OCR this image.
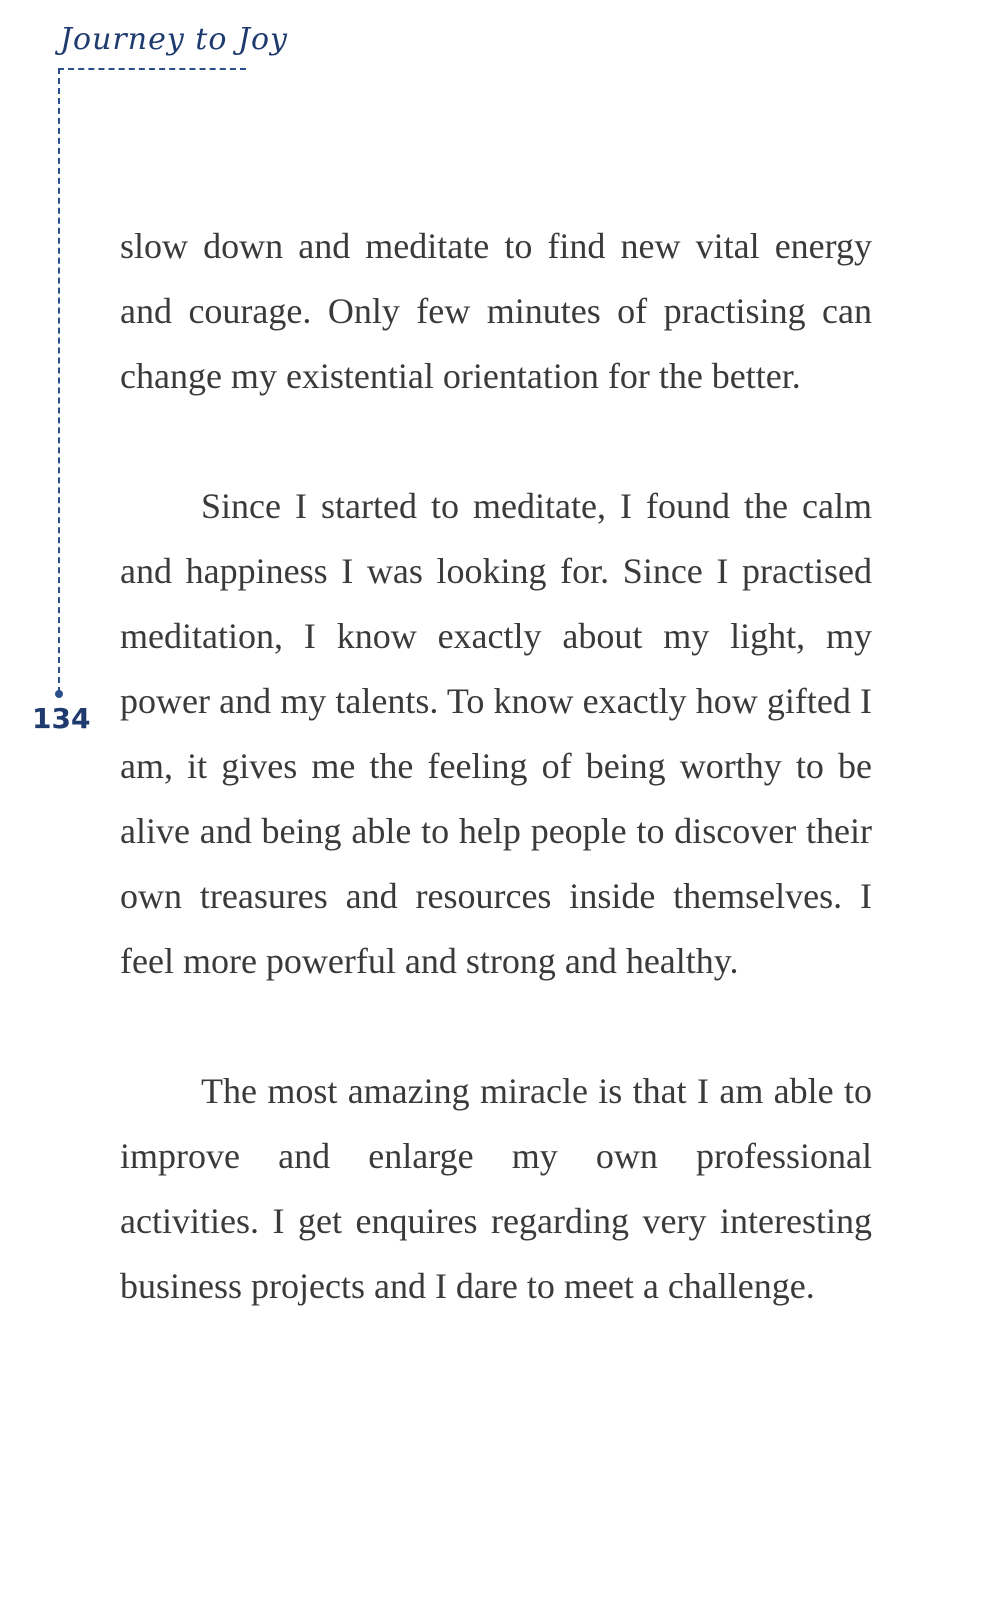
Journey to Joy
134

slow down and meditate to find new vital energy and courage. Only few minutes of practising can change my existential orientation for the better.

Since I started to meditate, I found the calm and happiness I was looking for. Since I practised meditation, I know exactly about my light, my power and my talents. To know exactly how gifted I am, it gives me the feeling of being worthy to be alive and being able to help people to discover their own treasures and resources inside themselves. I feel more powerful and strong and healthy.

The most amazing miracle is that I am able to improve and enlarge my own professional activities. I get enquires regarding very interesting business projects and I dare to meet a challenge.
